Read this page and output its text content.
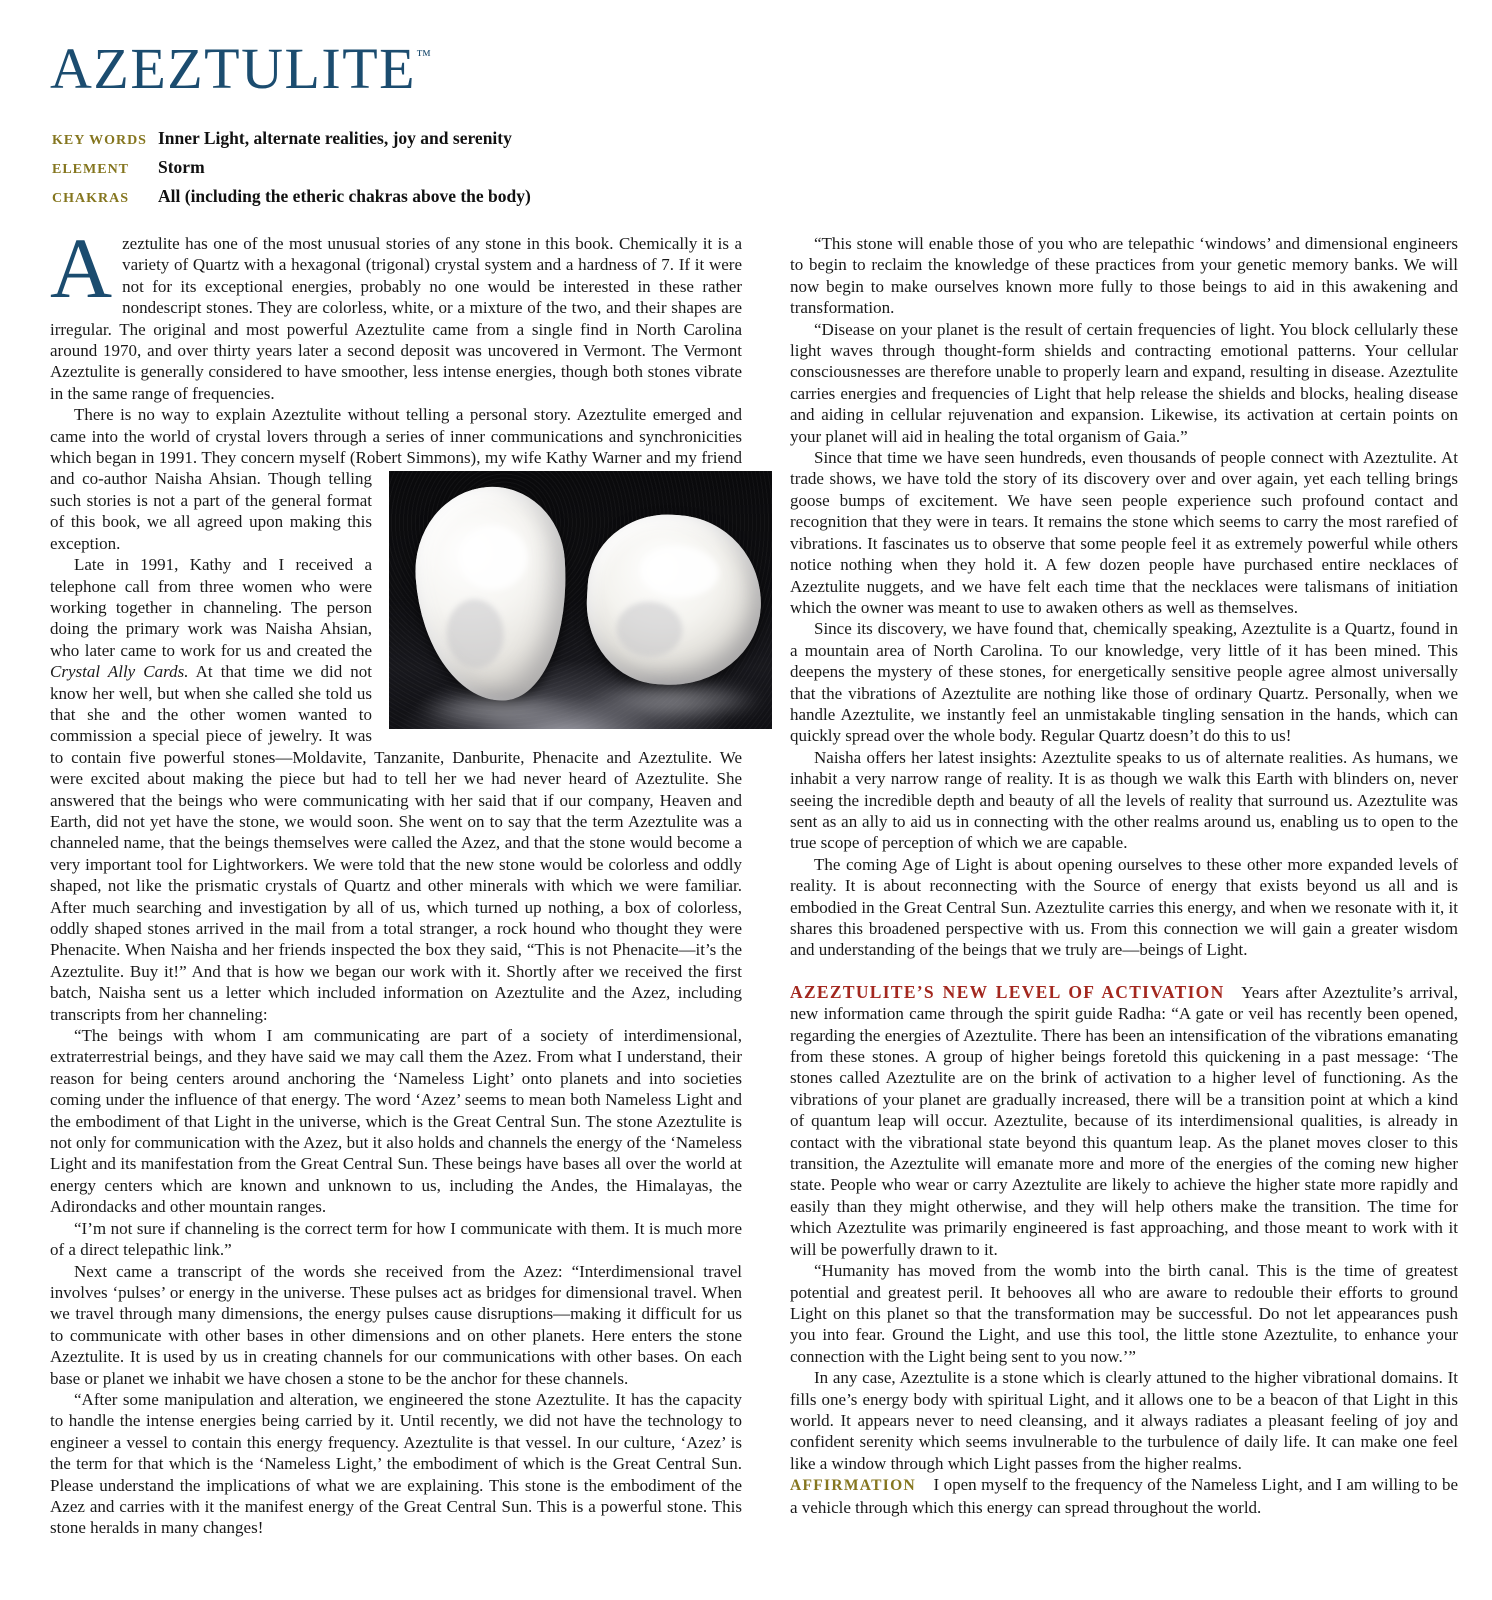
AZEZTULITE™
KEY WORDS Inner Light, alternate realities, joy and serenity
ELEMENT	Storm
CHAKRAS	All (including the etheric chakras above the body)

Azeztulite has one of the most unusual stories of any stone in this book. Chemically it is a variety of Quartz with a hexagonal (trigonal) crystal system and a hardness of 7. If it were not for its exceptional energies, probably no one would be interested in these rather nondescript stones. They are colorless, white, or a mixture of the two, and their shapes are irregular. The original and most powerful Azeztulite came from a single find in North Carolina around 1970, and over thirty years later a second deposit was uncovered in Vermont. The Vermont Azeztulite is generally considered to have smoother, less intense energies, though both stones vibrate in the same range of frequencies.

There is no way to explain Azeztulite without telling a personal story. Azeztulite emerged and came into the world of crystal lovers through a series of inner communications and synchronicities which began in 1991. They concern myself (Robert Simmons), my wife Kathy Warner and my friend and co-author Naisha Ahsian. Though telling such stories is not a part of the general format of this book, we all agreed upon making this exception.

Late in 1991, Kathy and I received a telephone call from three women who were working together in channeling. The person doing the primary work was Naisha Ahsian, who later came to work for us and created the Crystal Ally Cards. At that time we did not know her well, but when she called she told us that she and the other women wanted to commission a special piece of jewelry. It was to contain five powerful stones—Moldavite, Tanzanite, Danburite, Phenacite and Azeztulite. We were excited about making the piece but had to tell her we had never heard of Azeztulite. She answered that the beings who were communicating with her said that if our company, Heaven and Earth, did not yet have the stone, we would soon. She went on to say that the term Azeztulite was a channeled name, that the beings themselves were called the Azez, and that the stone would become a very important tool for Lightworkers. We were told that the new stone would be colorless and oddly shaped, not like the prismatic crystals of Quartz and other minerals with which we were familiar. After much searching and investigation by all of us, which turned up nothing, a box of colorless, oddly shaped stones arrived in the mail from a total stranger, a rock hound who thought they were Phenacite. When Naisha and her friends inspected the box they said, “This is not Phenacite—it’s the Azeztulite. Buy it!” And that is how we began our work with it. Shortly after we received the first batch, Naisha sent us a letter which included information on Azeztulite and the Azez, including transcripts from her channeling:

“The beings with whom I am communicating are part of a society of interdimensional, extraterrestrial beings, and they have said we may call them the Azez. From what I understand, their reason for being centers around anchoring the ‘Nameless Light’ onto planets and into societies coming under the influence of that energy. The word ‘Azez’ seems to mean both Nameless Light and the embodiment of that Light in the universe, which is the Great Central Sun. The stone Azeztulite is not only for communication with the Azez, but it also holds and channels the energy of the ‘Nameless Light and its manifestation from the Great Central Sun. These beings have bases all over the world at energy centers which are known and unknown to us, including the Andes, the Himalayas, the Adirondacks and other mountain ranges.

“I’m not sure if channeling is the correct term for how I communicate with them. It is much more of a direct telepathic link.”

Next came a transcript of the words she received from the Azez: “Interdimensional travel involves ‘pulses’ or energy in the universe. These pulses act as bridges for dimensional travel. When we travel through many dimensions, the energy pulses cause disruptions—making it difficult for us to communicate with other bases in other dimensions and on other planets. Here enters the stone Azeztulite. It is used by us in creating channels for our communications with other bases. On each base or planet we inhabit we have chosen a stone to be the anchor for these channels.

“After some manipulation and alteration, we engineered the stone Azeztulite. It has the capacity to handle the intense energies being carried by it. Until recently, we did not have the technology to engineer a vessel to contain this energy frequency. Azeztulite is that vessel. In our culture, ‘Azez’ is the term for that which is the ‘Nameless Light,’ the embodiment of which is the Great Central Sun. Please understand the implications of what we are explaining. This stone is the embodiment of the Azez and carries with it the manifest energy of the Great Central Sun. This is a powerful stone. This stone heralds in many changes!

“This stone will enable those of you who are telepathic ‘windows’ and dimensional engineers to begin to reclaim the knowledge of these practices from your genetic memory banks. We will now begin to make ourselves known more fully to those beings to aid in this awakening and transformation.

“Disease on your planet is the result of certain frequencies of light. You block cellularly these light waves through thought-form shields and contracting emotional patterns. Your cellular consciousnesses are therefore unable to properly learn and expand, resulting in disease. Azeztulite carries energies and frequencies of Light that help release the shields and blocks, healing disease and aiding in cellular rejuvenation and expansion. Likewise, its activation at certain points on your planet will aid in healing the total organism of Gaia.”

Since that time we have seen hundreds, even thousands of people connect with Azeztulite. At trade shows, we have told the story of its discovery over and over again, yet each telling brings goose bumps of excitement. We have seen people experience such profound contact and recognition that they were in tears. It remains the stone which seems to carry the most rarefied of vibrations. It fascinates us to observe that some people feel it as extremely powerful while others notice nothing when they hold it. A few dozen people have purchased entire necklaces of Azeztulite nuggets, and we have felt each time that the necklaces were talismans of initiation which the owner was meant to use to awaken others as well as themselves.

Since its discovery, we have found that, chemically speaking, Azeztulite is a Quartz, found in a mountain area of North Carolina. To our knowledge, very little of it has been mined. This deepens the mystery of these stones, for energetically sensitive people agree almost universally that the vibrations of Azeztulite are nothing like those of ordinary Quartz. Personally, when we handle Azeztulite, we instantly feel an unmistakable tingling sensation in the hands, which can quickly spread over the whole body. Regular Quartz doesn’t do this to us!

Naisha offers her latest insights: Azeztulite speaks to us of alternate realities. As humans, we inhabit a very narrow range of reality. It is as though we walk this Earth with blinders on, never seeing the incredible depth and beauty of all the levels of reality that surround us. Azeztulite was sent as an ally to aid us in connecting with the other realms around us, enabling us to open to the true scope of perception of which we are capable.

The coming Age of Light is about opening ourselves to these other more expanded levels of reality. It is about reconnecting with the Source of energy that exists beyond us all and is embodied in the Great Central Sun. Azeztulite carries this energy, and when we resonate with it, it shares this broadened perspective with us. From this connection we will gain a greater wisdom and understanding of the beings that we truly are—beings of Light.

AZEZTULITE’S NEW LEVEL OF ACTIVATION Years after Azeztulite’s arrival, new information came through the spirit guide Radha: “A gate or veil has recently been opened, regarding the energies of Azeztulite. There has been an intensification of the vibrations emanating from these stones. A group of higher beings foretold this quickening in a past message: ‘The stones called Azeztulite are on the brink of activation to a higher level of functioning. As the vibrations of your planet are gradually increased, there will be a transition point at which a kind of quantum leap will occur. Azeztulite, because of its interdimensional qualities, is already in contact with the vibrational state beyond this quantum leap. As the planet moves closer to this transition, the Azeztulite will emanate more and more of the energies of the coming new higher state. People who wear or carry Azeztulite are likely to achieve the higher state more rapidly and easily than they might otherwise, and they will help others make the transition. The time for which Azeztulite was primarily engineered is fast approaching, and those meant to work with it will be powerfully drawn to it.

“Humanity has moved from the womb into the birth canal. This is the time of greatest potential and greatest peril. It behooves all who are aware to redouble their efforts to ground Light on this planet so that the transformation may be successful. Do not let appearances push you into fear. Ground the Light, and use this tool, the little stone Azeztulite, to enhance your connection with the Light being sent to you now.’”

In any case, Azeztulite is a stone which is clearly attuned to the higher vibrational domains. It fills one’s energy body with spiritual Light, and it allows one to be a beacon of that Light in this world. It appears never to need cleansing, and it always radiates a pleasant feeling of joy and confident serenity which seems invulnerable to the turbulence of daily life. It can make one feel like a window through which Light passes from the higher realms.

AFFIRMATION I open myself to the frequency of the Nameless Light, and I am willing to be a vehicle through which this energy can spread throughout the world.
